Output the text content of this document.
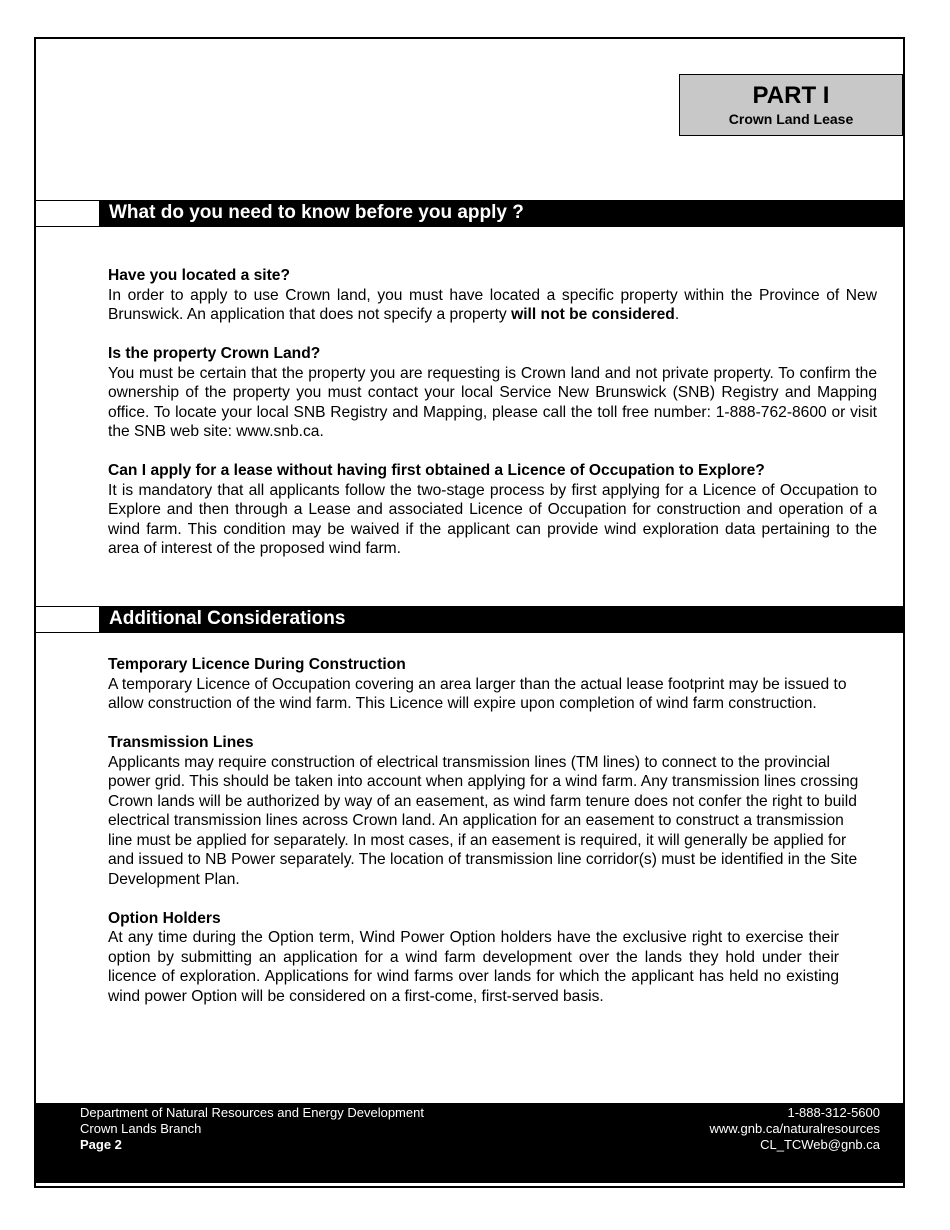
PART I
Crown Land Lease
What do you need to know before you apply ?
Have you located a site?

In order to apply to use Crown land, you must have located a specific property within the Province of New Brunswick. An application that does not specify a property will not be considered.

Is the property Crown Land?

You must be certain that the property you are requesting is Crown land and not private property. To confirm the ownership of the property you must contact your local Service New Brunswick (SNB) Registry and Mapping office. To locate your local SNB Registry and Mapping, please call the toll free number: 1-888-762-8600 or visit the SNB web site: www.snb.ca.

Can I apply for a lease without having first obtained a Licence of Occupation to Explore?

It is mandatory that all applicants follow the two-stage process by first applying for a Licence of Occupation to Explore and then through a Lease and associated Licence of Occupation for construction and operation of a wind farm. This condition may be waived if the applicant can provide wind exploration data pertaining to the area of interest of the proposed wind farm.

Additional Considerations
Temporary Licence During Construction

A temporary Licence of Occupation covering an area larger than the actual lease footprint may be issued to allow construction of the wind farm. This Licence will expire upon completion of wind farm construction.

Transmission Lines

Applicants may require construction of electrical transmission lines (TM lines) to connect to the provincial power grid. This should be taken into account when applying for a wind farm. Any transmission lines crossing Crown lands will be authorized by way of an easement, as wind farm tenure does not confer the right to build electrical transmission lines across Crown land. An application for an easement to construct a transmission line must be applied for separately. In most cases, if an easement is required, it will generally be applied for and issued to NB Power separately. The location of transmission line corridor(s) must be identified in the Site Development Plan.

Option Holders

At any time during the Option term, Wind Power Option holders have the exclusive right to exercise their option by submitting an application for a wind farm development over the lands they hold under their licence of exploration. Applications for wind farms over lands for which the applicant has held no existing wind power Option will be considered on a first-come, first-served basis.

Department of Natural Resources and Energy Development
Crown Lands Branch
Page 2
1-888-312-5600
www.gnb.ca/naturalresources
CL_TCWeb@gnb.ca
